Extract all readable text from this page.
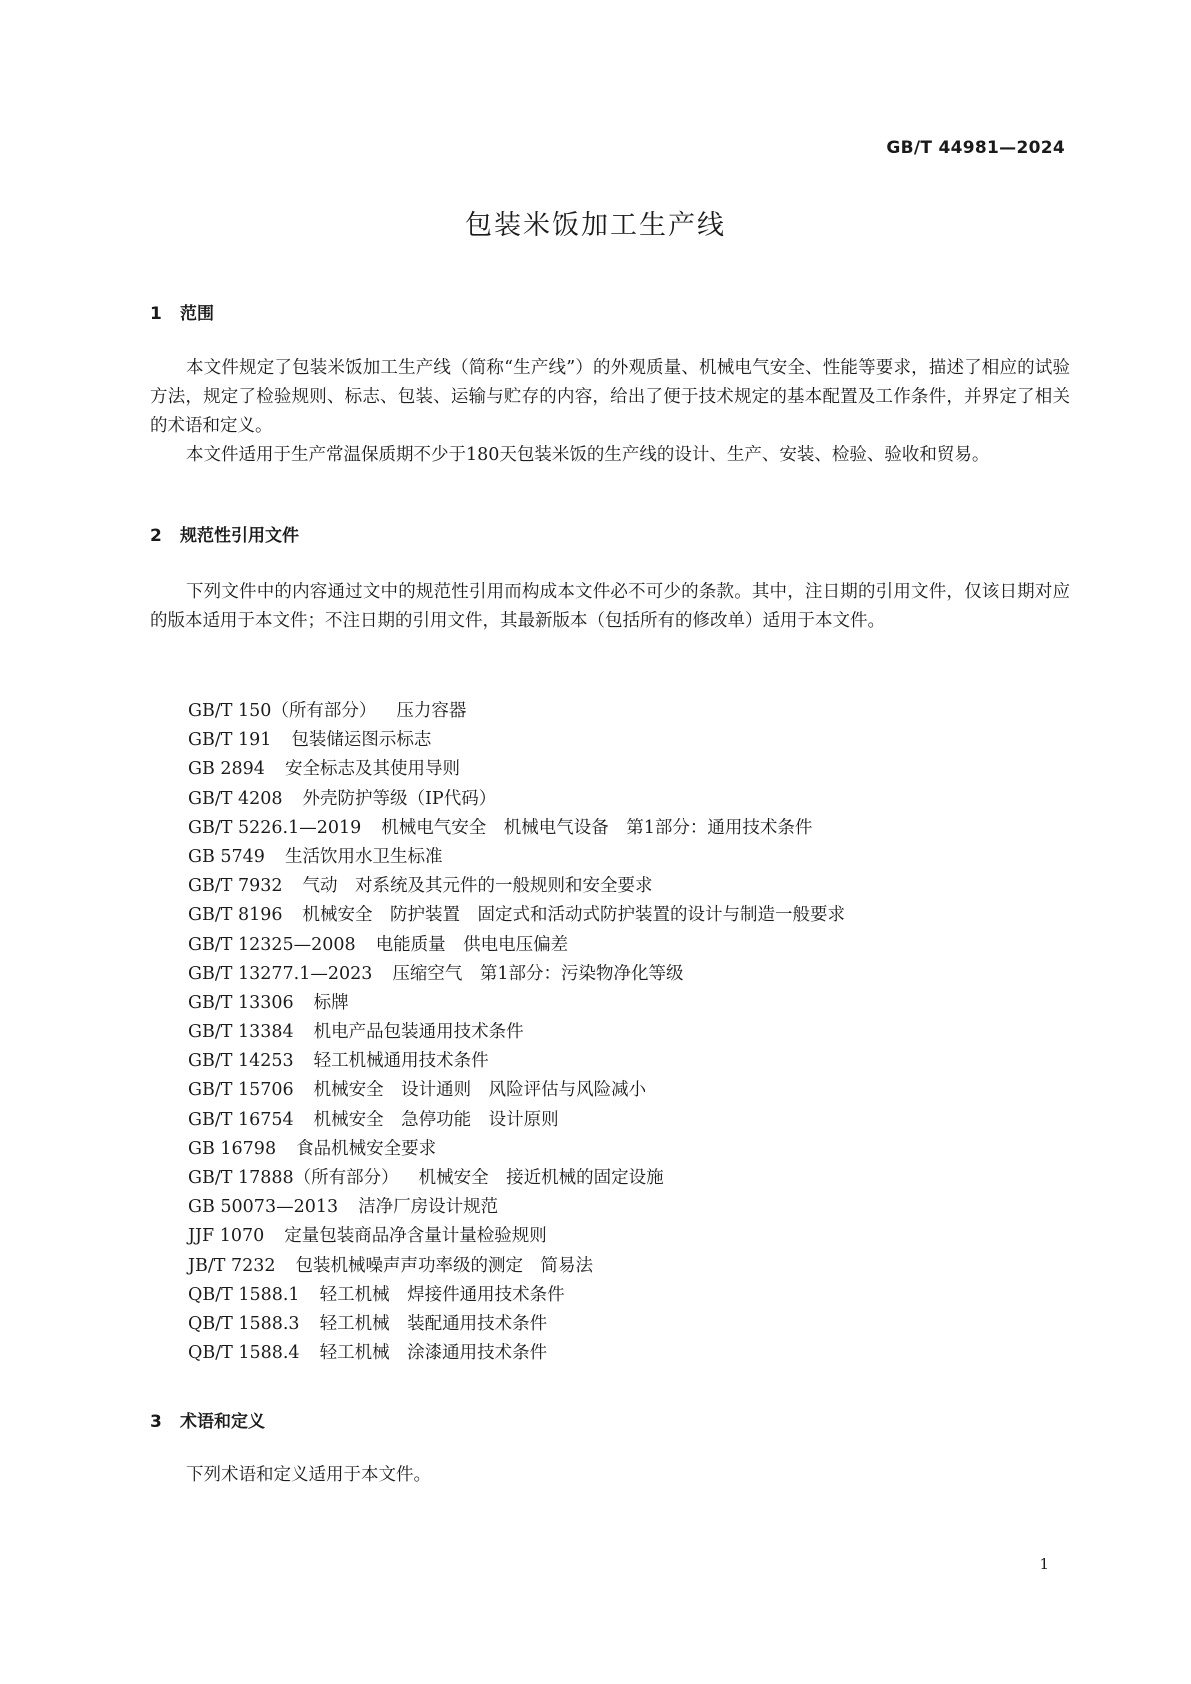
GB/T 44981—2024
包装米饭加工生产线
1 范围

本文件规定了包装米饭加工生产线（简称“生产线”）的外观质量、机械电气安全、性能等要求，描述了相应的试验方法，规定了检验规则、标志、包装、运输与贮存的内容，给出了便于技术规定的基本配置及工作条件，并界定了相关的术语和定义。

本文件适用于生产常温保质期不少于180天包装米饭的生产线的设计、生产、安装、检验、验收和贸易。

2 规范性引用文件

下列文件中的内容通过文中的规范性引用而构成本文件必不可少的条款。其中，注日期的引用文件，仅该日期对应的版本适用于本文件；不注日期的引用文件，其最新版本（包括所有的修改单）适用于本文件。

GB/T 150（所有部分） 压力容器
GB/T 191 包装储运图示标志
GB 2894 安全标志及其使用导则
GB/T 4208 外壳防护等级（IP代码）
GB/T 5226.1—2019 机械电气安全　机械电气设备　第1部分：通用技术条件
GB 5749 生活饮用水卫生标准
GB/T 7932 气动　对系统及其元件的一般规则和安全要求
GB/T 8196 机械安全　防护装置　固定式和活动式防护装置的设计与制造一般要求
GB/T 12325—2008 电能质量　供电电压偏差
GB/T 13277.1—2023 压缩空气　第1部分：污染物净化等级
GB/T 13306 标牌
GB/T 13384 机电产品包装通用技术条件
GB/T 14253 轻工机械通用技术条件
GB/T 15706 机械安全　设计通则　风险评估与风险减小
GB/T 16754 机械安全　急停功能　设计原则
GB 16798 食品机械安全要求
GB/T 17888（所有部分） 机械安全　接近机械的固定设施
GB 50073—2013 洁净厂房设计规范
JJF 1070 定量包装商品净含量计量检验规则
JB/T 7232 包装机械噪声声功率级的测定　简易法
QB/T 1588.1 轻工机械　焊接件通用技术条件
QB/T 1588.3 轻工机械　装配通用技术条件
QB/T 1588.4 轻工机械　涂漆通用技术条件
3 术语和定义

下列术语和定义适用于本文件。

1
